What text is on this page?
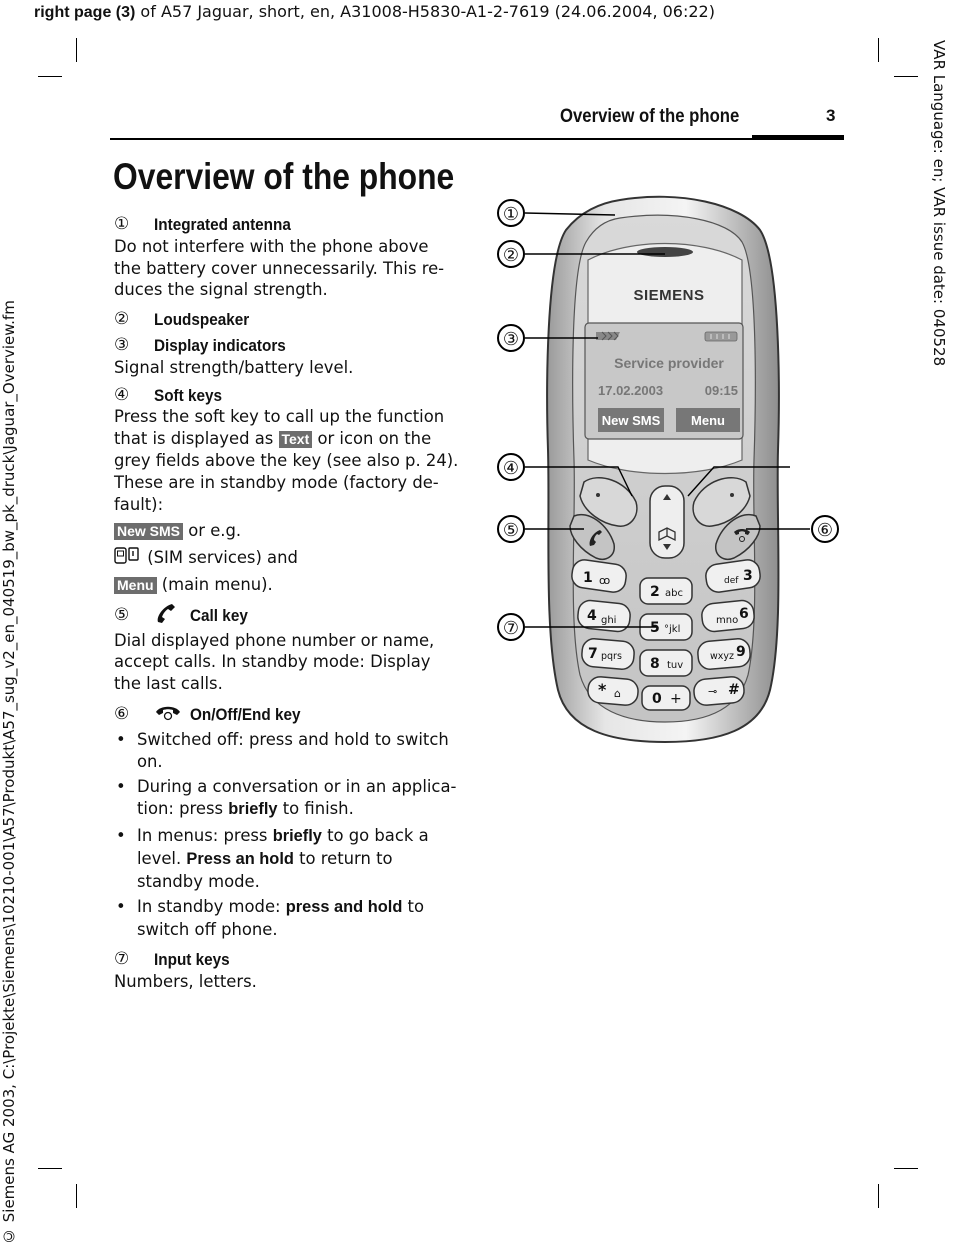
right page (3) of A57 Jaguar, short, en, A31008-H5830-A1-2-7619 (24.06.2004, 06:22)
VAR Language: en; VAR issue date: 040528
© Siemens AG 2003, C:\Projekte\Siemens\10210-001\A57\Produkt\A57_sug_v2_en_040519_bw_pk_druck\Jaguar_Overview.fm
Overview of the phone	3
Overview of the phone
①	Integrated antenna

Do not interfere with the phone above the battery cover unnecessarily. This re-duces the signal strength.

②	Loudspeaker
③	Display indicators

Signal strength/battery level.

④	Soft keys

Press the soft key to call up the function that is displayed as Text or icon on the grey fields above the key (see also p. 24). These are in standby mode (factory de-fault):

New SMS or e.g.

(SIM services) and

Menu (main menu).

⑤	Call key

Dial displayed phone number or name, accept calls. In standby mode: Display the last calls.

⑥	On/Off/End key
• Switched off: press and hold to switch on.
• During a conversation or in an applica-tion: press briefly to finish.
• In menus: press briefly to go back a level. Press an hold to return to standby mode.
• In standby mode: press and hold to switch off phone.
⑦	Input keys

Numbers, letters.

SIEMENS
Service provider
17.02.2003	09:15
New SMS Menu
1 ꝏ
2 abc
def 3
4 ghi 5 °jkl
mno 6
7 pqrs 8 tuv
wxyz 9
* ⌂ 0 + ⊸ #
①
②
③
④
⑤	⑥
⑦
